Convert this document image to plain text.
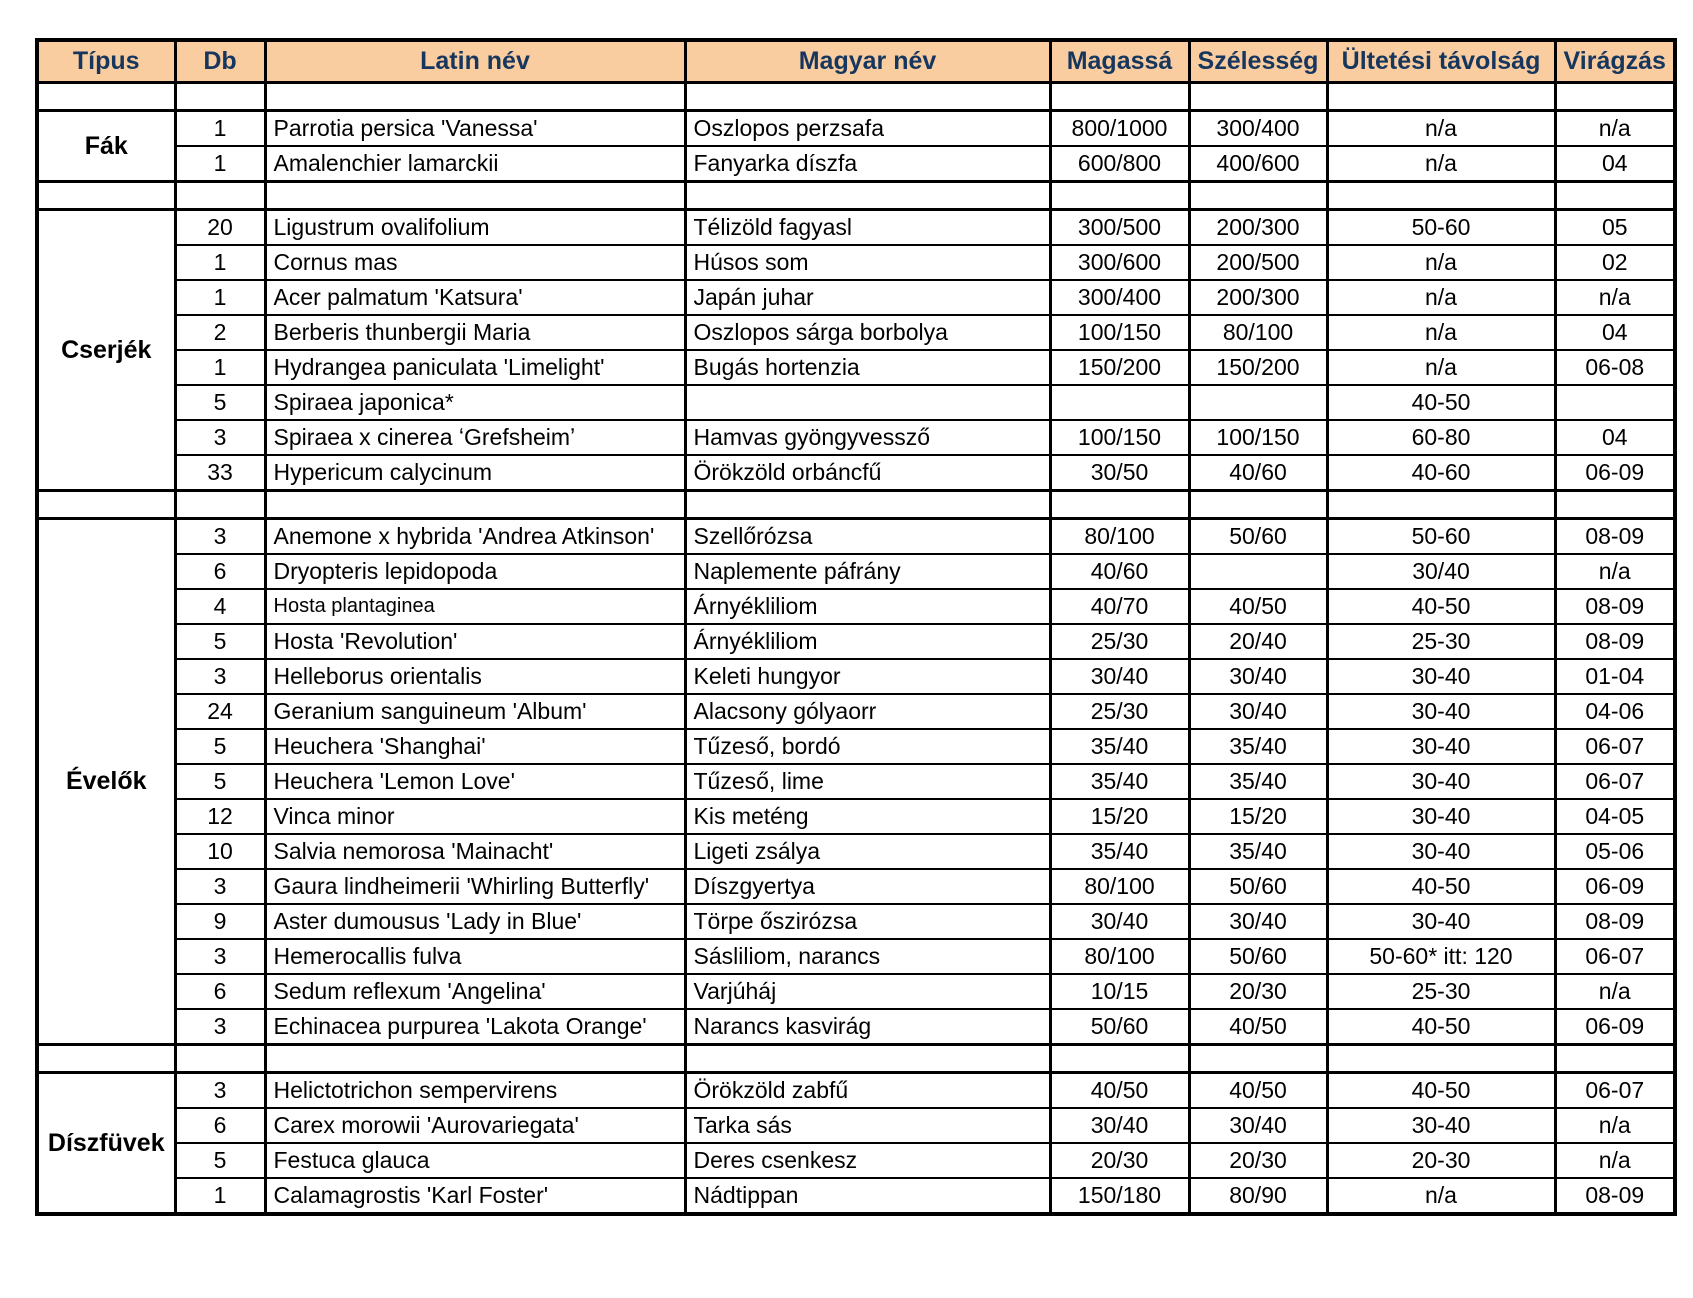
Típus	Db	Latin név	Magyar név	Magassá	Szélesség	Ültetési távolság	Virágzás

Fák	1	Parrotia persica 'Vanessa'	Oszlopos perzsafa	800/1000	300/400	n/a	n/a
	1	Amalenchier lamarckii	Fanyarka díszfa	600/800	400/600	n/a	04

Cserjék	20	Ligustrum ovalifolium	Télizöld fagyasl	300/500	200/300	50-60	05
	1	Cornus mas	Húsos som	300/600	200/500	n/a	02
	1	Acer palmatum 'Katsura'	Japán juhar	300/400	200/300	n/a	n/a
	2	Berberis thunbergii Maria	Oszlopos sárga borbolya	100/150	80/100	n/a	04
	1	Hydrangea paniculata 'Limelight'	Bugás hortenzia	150/200	150/200	n/a	06-08
	5	Spiraea japonica*				40-50	
	3	Spiraea x cinerea ʻGrefsheimʼ	Hamvas gyöngyvessző	100/150	100/150	60-80	04
	33	Hypericum calycinum	Örökzöld orbáncfű	30/50	40/60	40-60	06-09

Évelők	3	Anemone x hybrida 'Andrea Atkinson'	Szellőrózsa	80/100	50/60	50-60	08-09
	6	Dryopteris lepidopoda	Naplemente páfrány	40/60		30/40	n/a
	4	Hosta plantaginea	Árnyékliliom	40/70	40/50	40-50	08-09
	5	Hosta 'Revolution'	Árnyékliliom	25/30	20/40	25-30	08-09
	3	Helleborus orientalis	Keleti hungyor	30/40	30/40	30-40	01-04
	24	Geranium sanguineum 'Album'	Alacsony gólyaorr	25/30	30/40	30-40	04-06
	5	Heuchera 'Shanghai'	Tűzeső, bordó	35/40	35/40	30-40	06-07
	5	Heuchera 'Lemon Love'	Tűzeső, lime	35/40	35/40	30-40	06-07
	12	Vinca minor	Kis meténg	15/20	15/20	30-40	04-05
	10	Salvia nemorosa 'Mainacht'	Ligeti zsálya	35/40	35/40	30-40	05-06
	3	Gaura lindheimerii 'Whirling Butterfly'	Díszgyertya	80/100	50/60	40-50	06-09
	9	Aster dumousus 'Lady in Blue'	Törpe őszirózsa	30/40	30/40	30-40	08-09
	3	Hemerocallis fulva	Sásliliom, narancs	80/100	50/60	50-60* itt: 120	06-07
	6	Sedum reflexum 'Angelina'	Varjúháj	10/15	20/30	25-30	n/a
	3	Echinacea purpurea 'Lakota Orange'	Narancs kasvirág	50/60	40/50	40-50	06-09

Díszfüvek	3	Helictotrichon sempervirens	Örökzöld zabfű	40/50	40/50	40-50	06-07
	6	Carex morowii 'Aurovariegata'	Tarka sás	30/40	30/40	30-40	n/a
	5	Festuca glauca	Deres csenkesz	20/30	20/30	20-30	n/a
	1	Calamagrostis 'Karl Foster'	Nádtippan	150/180	80/90	n/a	08-09
